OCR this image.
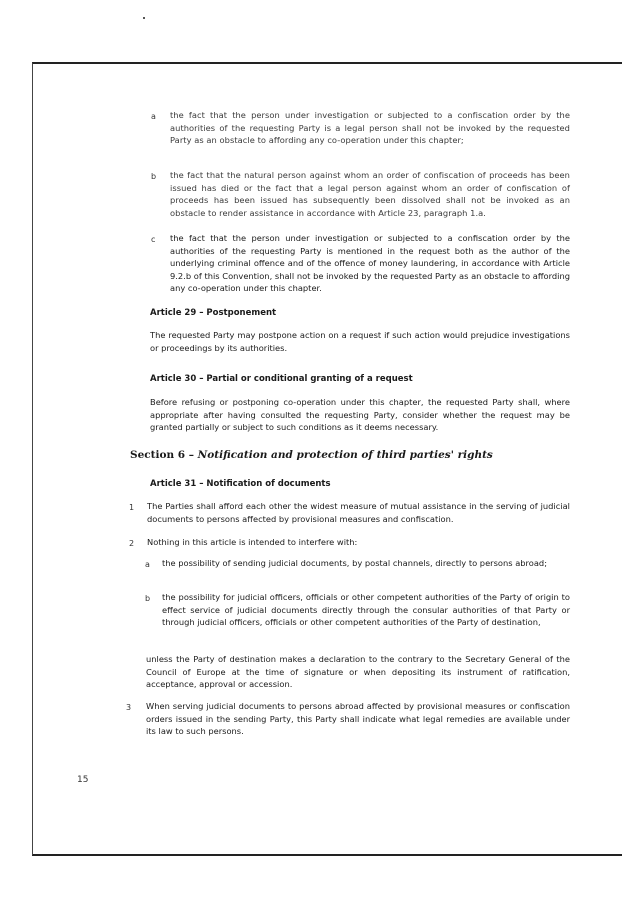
a the fact that the person under investigation or subjected to a confiscation order by the authorities of the requesting Party is a legal person shall not be invoked by the requested Party as an obstacle to affording any co-operation under this chapter;

b the fact that the natural person against whom an order of confiscation of proceeds has been issued has died or the fact that a legal person against whom an order of confiscation of proceeds has been issued has subsequently been dissolved shall not be invoked as an obstacle to render assistance in accordance with Article 23, paragraph 1.a.

c the fact that the person under investigation or subjected to a confiscation order by the authorities of the requesting Party is mentioned in the request both as the author of the underlying criminal offence and of the offence of money laundering, in accordance with Article 9.2.b of this Convention, shall not be invoked by the requested Party as an obstacle to affording any co-operation under this chapter.

Article 29 – Postponement

The requested Party may postpone action on a request if such action would prejudice investigations or proceedings by its authorities.

Article 30 – Partial or conditional granting of a request

Before refusing or postponing co-operation under this chapter, the requested Party shall, where appropriate after having consulted the requesting Party, consider whether the request may be granted partially or subject to such conditions as it deems necessary.

Section 6 – Notification and protection of third parties' rights

Article 31 – Notification of documents

1 The Parties shall afford each other the widest measure of mutual assistance in the serving of judicial documents to persons affected by provisional measures and confiscation.

2 Nothing in this article is intended to interfere with:

a the possibility of sending judicial documents, by postal channels, directly to persons abroad;

b the possibility for judicial officers, officials or other competent authorities of the Party of origin to effect service of judicial documents directly through the consular authorities of that Party or through judicial officers, officials or other competent authorities of the Party of destination,

unless the Party of destination makes a declaration to the contrary to the Secretary General of the Council of Europe at the time of signature or when depositing its instrument of ratification, acceptance, approval or accession.

3 When serving judicial documents to persons abroad affected by provisional measures or confiscation orders issued in the sending Party, this Party shall indicate what legal remedies are available under its law to such persons.

15
